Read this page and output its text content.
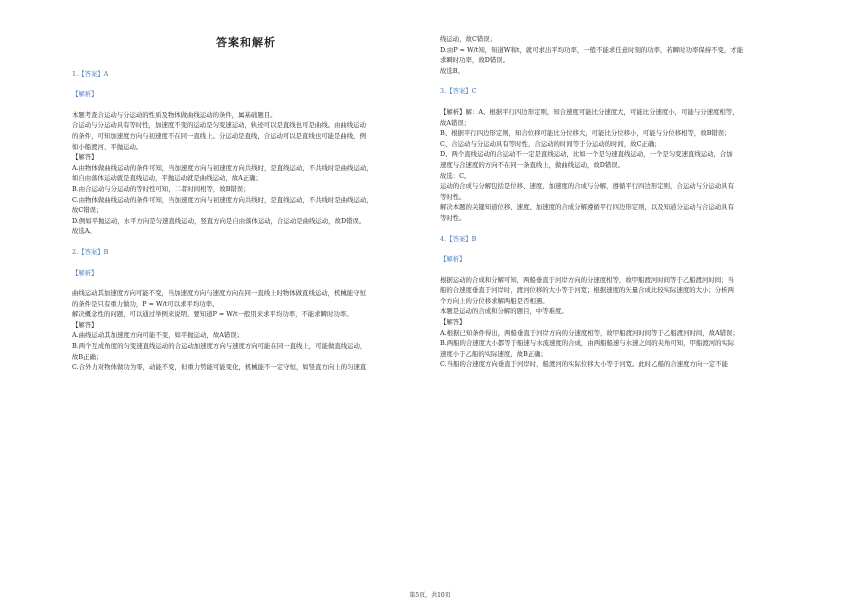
答案和解析
1.【答案】A
【解析】
本题考查合运动与分运动的性质及物体做曲线运动的条件，属基础题目。
合运动与分运动具有等时性，加速度不变的运动是匀变速运动，轨迹可以是直线也可是曲线。由曲线运动
的条件，可知加速度方向与初速度不在同一直线上。分运动是直线，合运动可以是直线也可能是曲线，例
如小船渡河、平抛运动。
【解答】
A.由物体做曲线运动的条件可知，当加速度方向与初速度方向共线时，是直线运动，不共线时是曲线运动，
如自由落体运动就是直线运动，平抛运动就是曲线运动，故A正确；
B.由合运动与分运动的等时性可知，二者时间相等，故B错误；
C.由物体做曲线运动的条件可知，当加速度方向与初速度方向共线时，是直线运动，不共线时是曲线运动，
故C错误；
D.例如平抛运动，水平方向是匀速直线运动，竖直方向是自由落体运动，合运动是曲线运动，故D错误。
故选A。
2.【答案】B
【解析】
曲线运动其加速度方向可能不变，当加速度方向与速度方向在同一直线上时物体做直线运动，机械能守恒
的条件是只有重力做功，P = W/t可以求平均功率。
解决概念性的问题，可以通过举例来说明，要知道P = W/t一般用来求平均功率，不能求瞬时功率。
【解答】
A.曲线运动其加速度方向可能不变，如平抛运动，故A错误；
B.两个互成角度的匀变速直线运动的合运动加速度方向与速度方向可能在同一直线上，可能做直线运动，
故B正确；
C.合外力对物体做功为零，动能不变，但重力势能可能变化，机械能不一定守恒，如竖直方向上的匀速直
线运动，故C错误；
D.由P = W/t知，知道W和t，就可求出平均功率，一般不能求任意时刻的功率，若瞬时功率保持不变，才能
求瞬时功率，故D错误。
故选B。
3.【答案】C
【解析】解：A、根据平行四边形定则，知合速度可能比分速度大，可能比分速度小，可能与分速度相等，
故A错误；
B、根据平行四边形定则，知合位移可能比分位移大，可能比分位移小，可能与分位移相等，故B错误；
C、合运动与分运动具有等时性，合运动的时间等于分运动的时间，故C正确；
D、两个直线运动的合运动不一定是直线运动，比如一个是匀速直线运动，一个是匀变速直线运动，合加
速度与合速度的方向不在同一条直线上，做曲线运动，故D错误。
故选：C。
运动的合成与分解包括是位移、速度、加速度的合成与分解，遵循平行四边形定则，合运动与分运动具有
等时性。
解决本题的关键知道位移、速度、加速度的合成分解遵循平行四边形定则，以及知道分运动与合运动具有
等时性。
4.【答案】B
【解析】
根据运动的合成和分解可知，两船垂直于河岸方向的分速度相等，故甲船渡河时间等于乙船渡河时间；当
船的合速度垂直于河岸时，渡河位移的大小等于河宽；根据速度的矢量合成比较实际速度的大小；分析两
个方向上的分位移求解两船是否相遇。
本题是运动的合成和分解的题目，中等难度。
【解答】
A.根据已知条件得出，两船垂直于河岸方向的分速度相等，故甲船渡河时间等于乙船渡河时间，故A错误；
B.两船的合速度大小都等于船速与水流速度的合成，由两船船速与水速之间的夹角可知，甲船渡河的实际
速度小于乙船的实际速度，故B正确；
C.当船的合速度方向垂直于河岸时，船渡河的实际位移大小等于河宽。此时乙船的合速度方向一定不能
第5页，共10页
